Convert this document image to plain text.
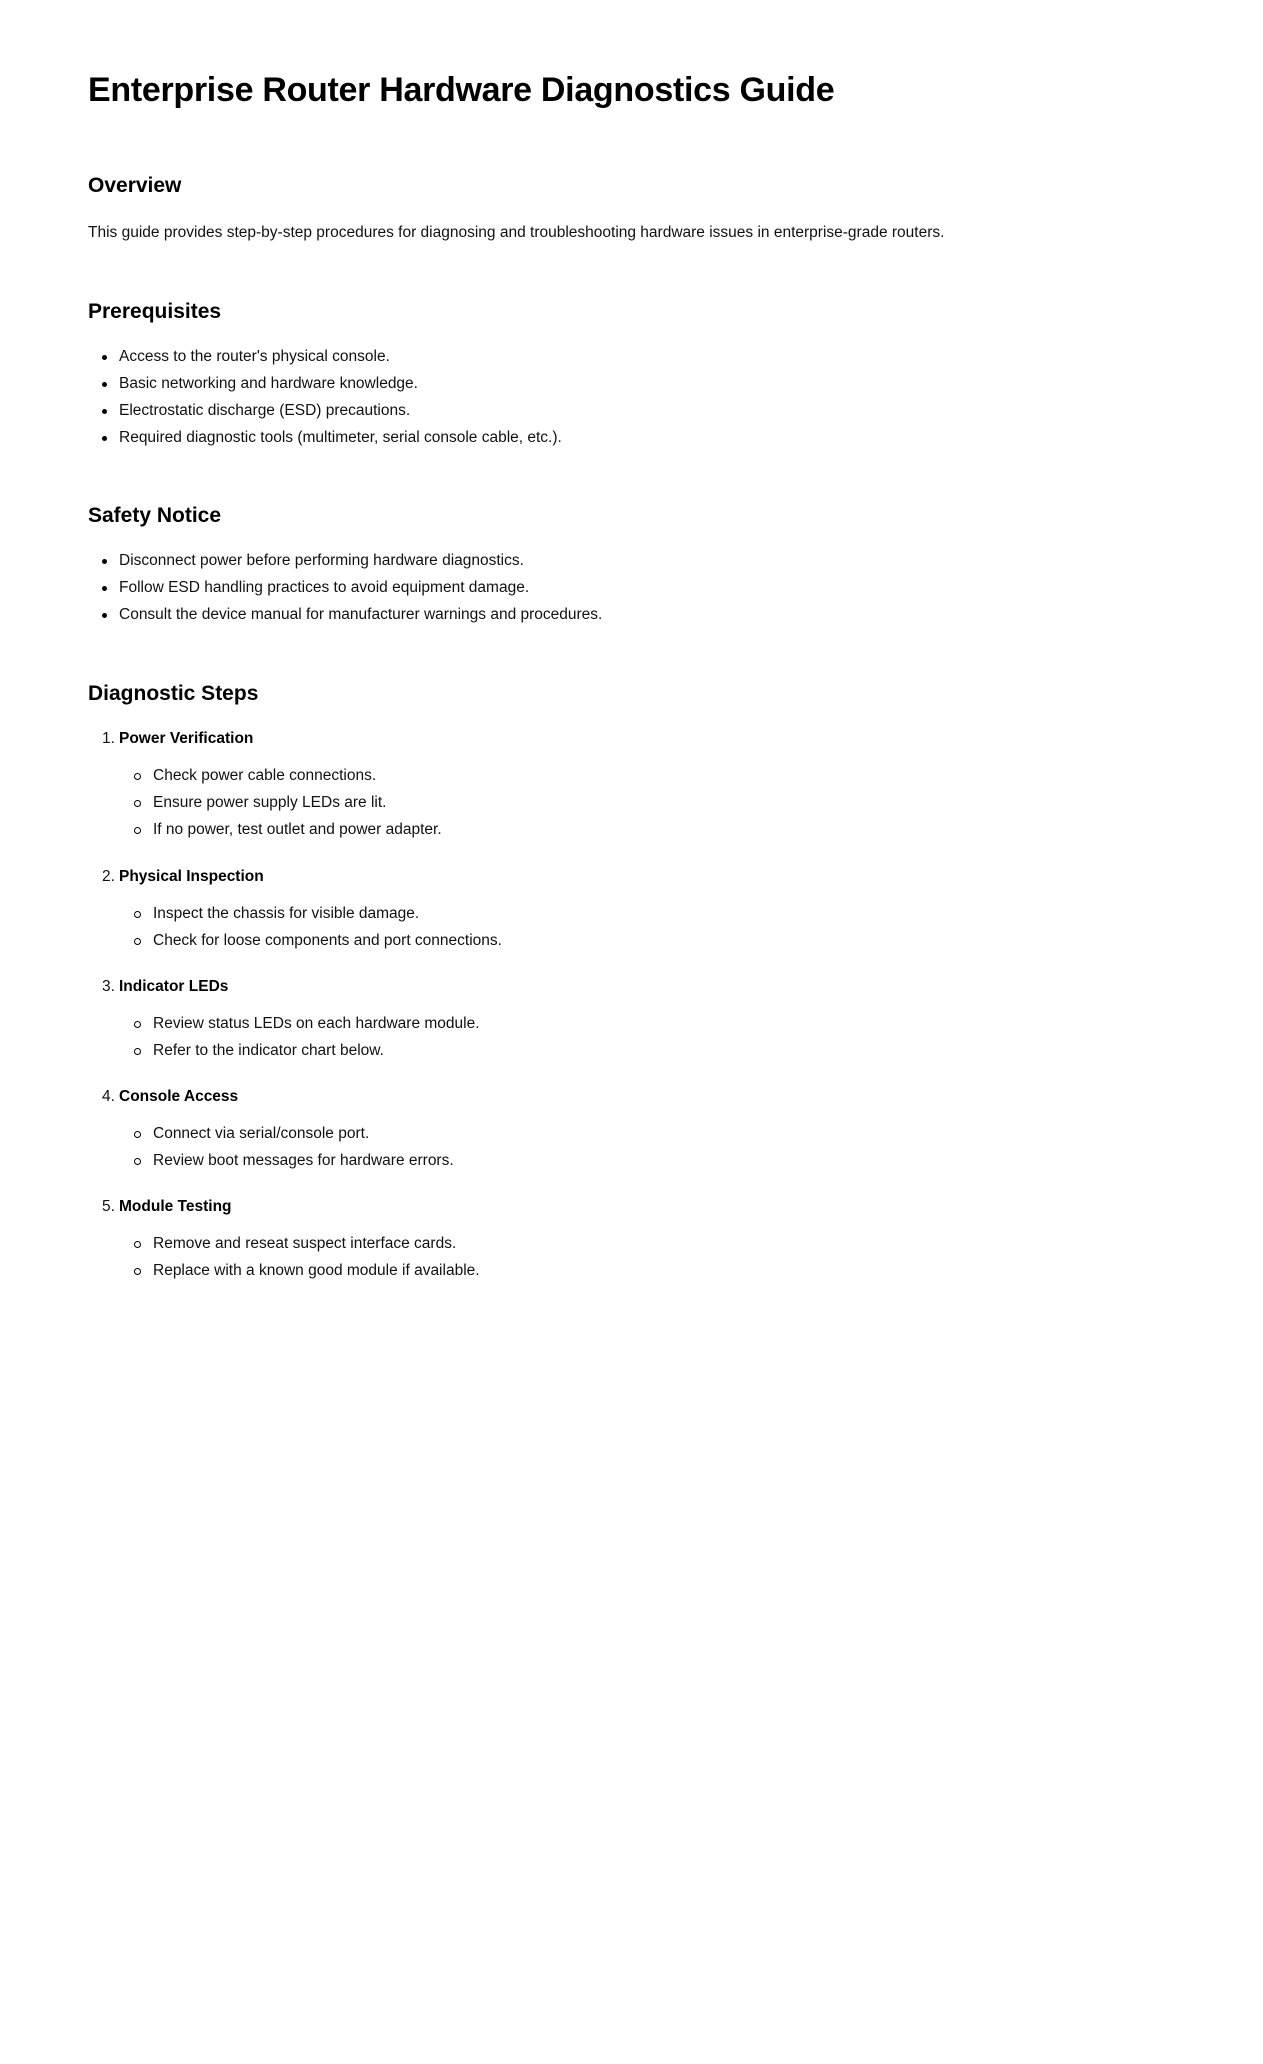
Enterprise Router Hardware Diagnostics Guide
Overview

This guide provides step-by-step procedures for diagnosing and troubleshooting hardware issues in enterprise-grade routers.

Prerequisites
Access to the router's physical console.
Basic networking and hardware knowledge.
Electrostatic discharge (ESD) precautions.
Required diagnostic tools (multimeter, serial console cable, etc.).
Safety Notice
Disconnect power before performing hardware diagnostics.
Follow ESD handling practices to avoid equipment damage.
Consult the device manual for manufacturer warnings and procedures.
Diagnostic Steps
1. Power Verification
Check power cable connections.
Ensure power supply LEDs are lit.
If no power, test outlet and power adapter.
2. Physical Inspection
Inspect the chassis for visible damage.
Check for loose components and port connections.
3. Indicator LEDs
Review status LEDs on each hardware module.
Refer to the indicator chart below.
4. Console Access
Connect via serial/console port.
Review boot messages for hardware errors.
5. Module Testing
Remove and reseat suspect interface cards.
Replace with a known good module if available.
